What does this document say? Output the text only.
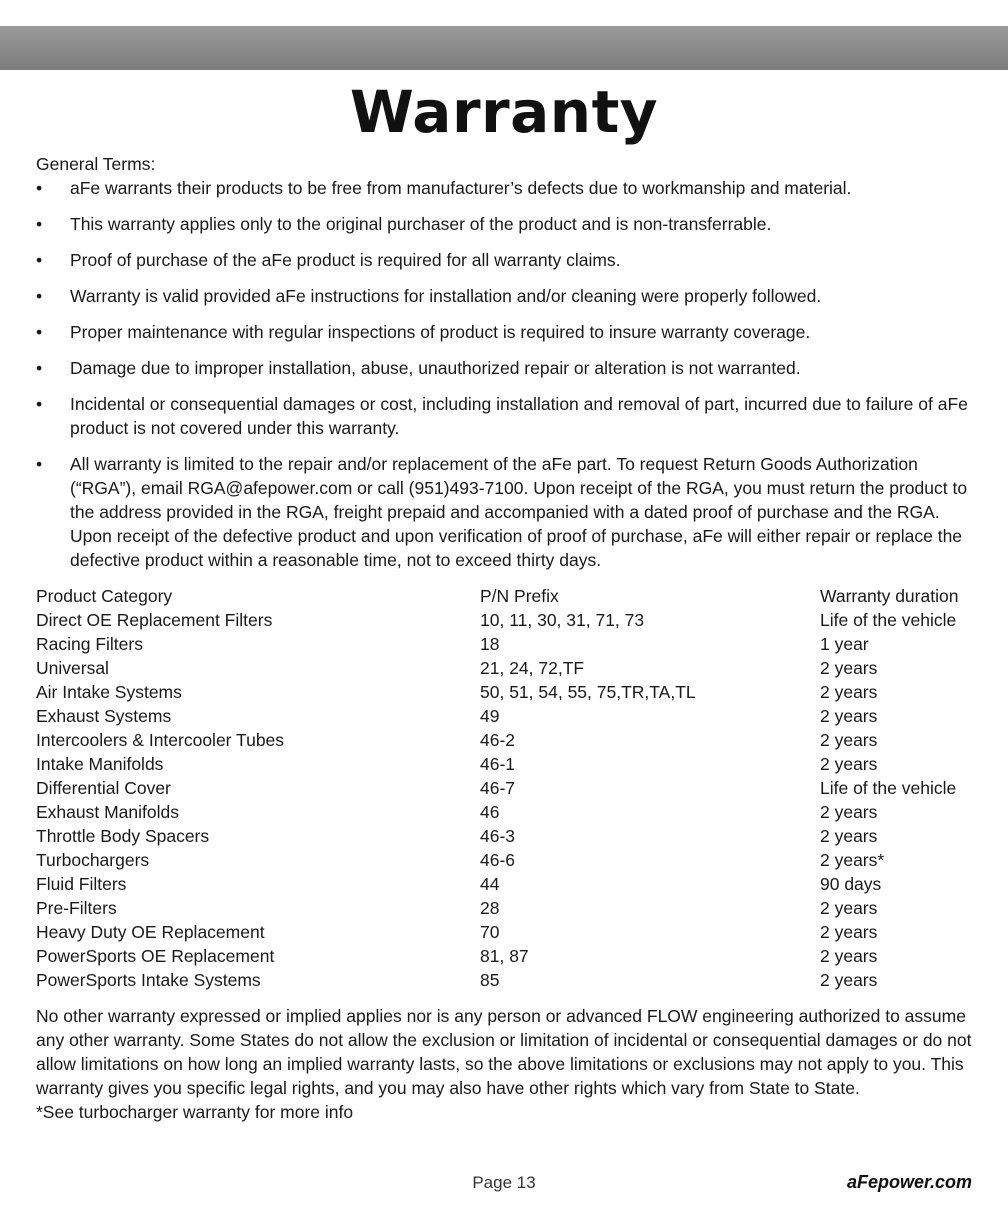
Warranty
General Terms:
• aFe warrants their products to be free from manufacturer’s defects due to workmanship and material.
• This warranty applies only to the original purchaser of the product and is non-transferrable.
• Proof of purchase of the aFe product is required for all warranty claims.
• Warranty is valid provided aFe instructions for installation and/or cleaning were properly followed.
• Proper maintenance with regular inspections of product is required to insure warranty coverage.
• Damage due to improper installation, abuse, unauthorized repair or alteration is not warranted.
• Incidental or consequential damages or cost, including installation and removal of part, incurred due to failure of aFe product is not covered under this warranty.
• All warranty is limited to the repair and/or replacement of the aFe part. To request Return Goods Authorization (“RGA”), email RGA@afepower.com or call (951)493-7100. Upon receipt of the RGA, you must return the product to the address provided in the RGA, freight prepaid and accompanied with a dated proof of purchase and the RGA. Upon receipt of the defective product and upon verification of proof of purchase, aFe will either repair or replace the defective product within a reasonable time, not to exceed thirty days.
Product Category	P/N Prefix	Warranty duration
Direct OE Replacement Filters	10, 11, 30, 31, 71, 73	Life of the vehicle
Racing Filters	18	1 year
Universal	21, 24, 72,TF	2 years
Air Intake Systems	50, 51, 54, 55, 75,TR,TA,TL	2 years
Exhaust Systems	49	2 years
Intercoolers & Intercooler Tubes	46-2	2 years
Intake Manifolds	46-1	2 years
Differential Cover	46-7	Life of the vehicle
Exhaust Manifolds	46	2 years
Throttle Body Spacers	46-3	2 years
Turbochargers	46-6	2 years*
Fluid Filters	44	90 days
Pre-Filters	28	2 years
Heavy Duty OE Replacement	70	2 years
PowerSports OE Replacement	81, 87	2 years
PowerSports Intake Systems	85	2 years
No other warranty expressed or implied applies nor is any person or advanced FLOW engineering authorized to assume any other warranty. Some States do not allow the exclusion or limitation of incidental or consequential damages or do not allow limitations on how long an implied warranty lasts, so the above limitations or exclusions may not apply to you. This warranty gives you specific legal rights, and you may also have other rights which vary from State to State.
*See turbocharger warranty for more info
Page 13	aFepower.com
